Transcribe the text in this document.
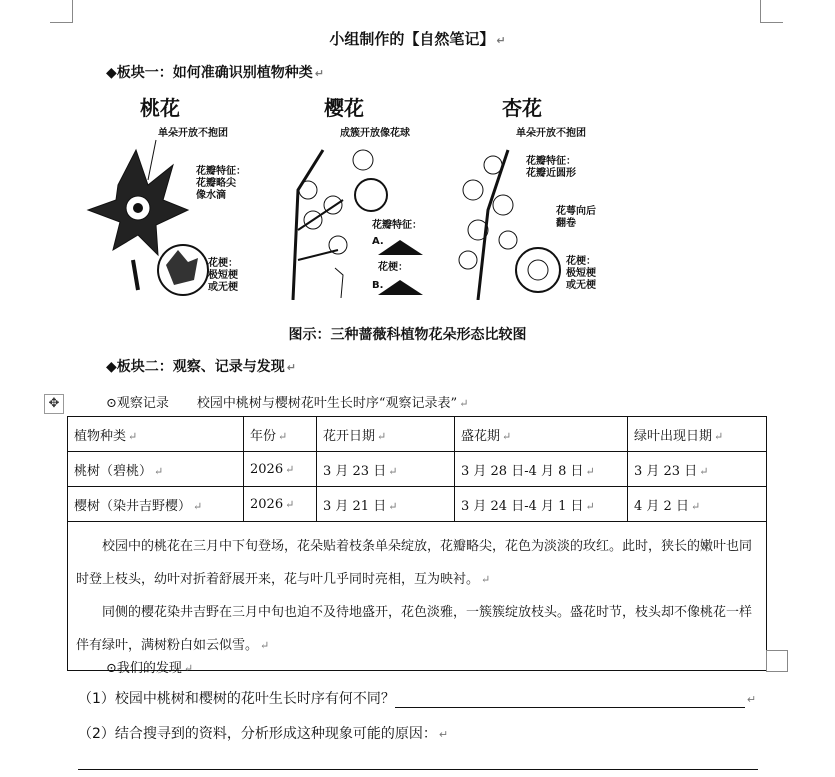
小组制作的【自然笔记】 ↵
◆板块一：如何准确识别植物种类 ↵
桃花
单朵开放不抱团
花瓣特征：
花瓣略尖
像水滴
花梗：
极短梗
或无梗
樱花
成簇开放像花球
花瓣特征：
A.
花梗：
B.
杏花
单朵开放不抱团
花瓣特征：
花瓣近圆形
花萼向后
翻卷
花梗：
极短梗
或无梗
图示：三种蔷薇科植物花朵形态比较图
◆板块二：观察、记录与发现 ↵
✥	⊙观察记录 校园中桃树与樱树花叶生长时序“观察记录表” ↵
植物种类 ↵	年份 ↵	花开日期 ↵	盛花期 ↵	绿叶出现日期 ↵
桃树（碧桃） ↵	2026 ↵	3 月 23 日 ↵	3 月 28 日-4 月 8 日 ↵	3 月 23 日 ↵
樱树（染井吉野樱） ↵	2026 ↵	3 月 21 日 ↵	3 月 24 日-4 月 1 日 ↵	4 月 2 日 ↵

校园中的桃花在三月中下旬登场，花朵贴着枝条单朵绽放，花瓣略尖，花色为淡淡的玫红。此时，狭长的嫩叶也同时登上枝头，幼叶对折着舒展开来，花与叶几乎同时亮相，互为映衬。 ↵

同侧的樱花染井吉野在三月中旬也迫不及待地盛开，花色淡雅，一簇簇绽放枝头。盛花时节，枝头却不像桃花一样伴有绿叶，满树粉白如云似雪。 ↵				

⊙我们的发现 ↵
（1）校园中桃树和樱树的花叶生长时序有何不同？	↵
（2）结合搜寻到的资料，分析形成这种现象可能的原因： ↵
